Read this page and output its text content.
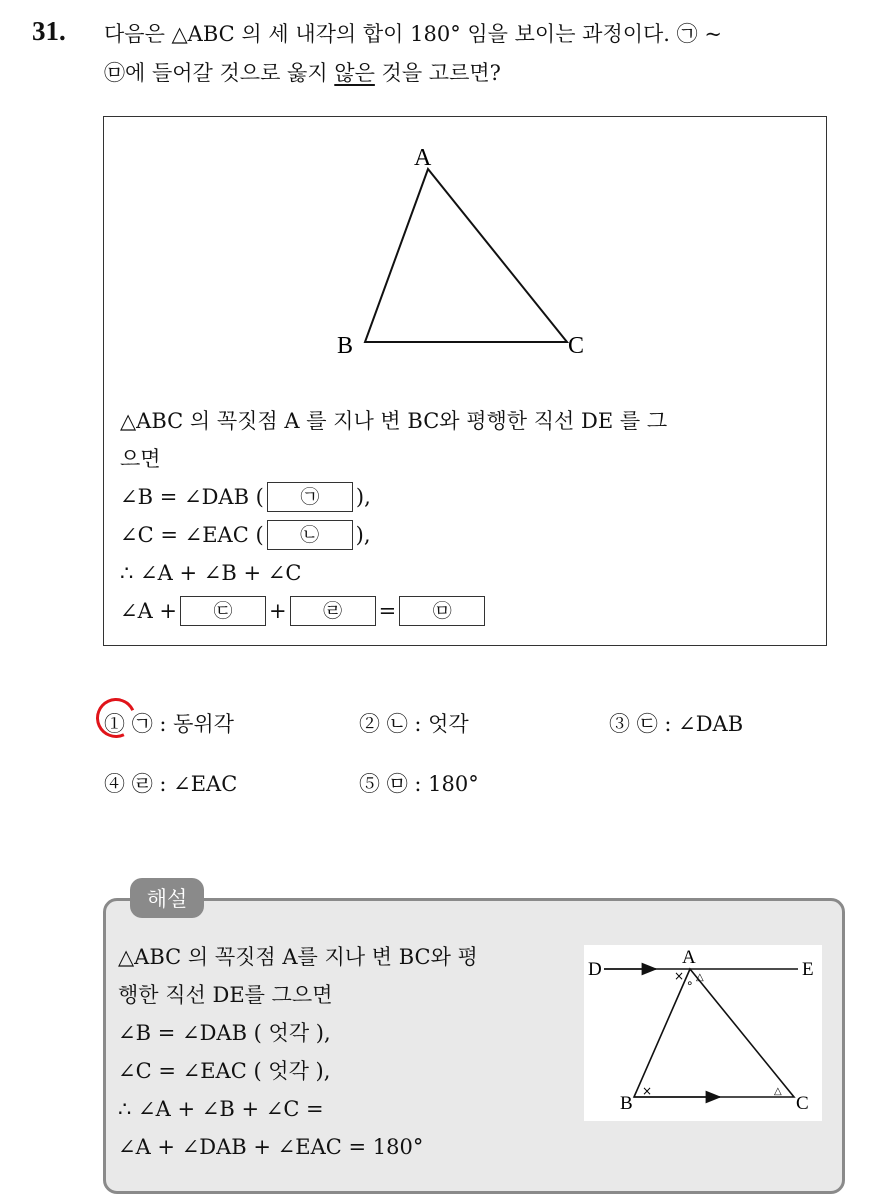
31. 다음은 △ABC 의 세 내각의 합이 180° 임을 보이는 과정이다. ㉠ ~
㉤에 들어갈 것으로 옳지 않은 것을 고르면?
A
B	C
△ABC 의 꼭짓점 A 를 지나 변 BC와 평행한 직선 DE 를 그
으면
∠B = ∠DAB (	㉠	),
∠C = ∠EAC (	㉡	),
∴ ∠A + ∠B + ∠C
∠A +	㉢	+	㉣	=	㉤
① ㉠ : 동위각	② ㉡ : 엇각	③ ㉢ : ∠DAB
④ ㉣ : ∠EAC	⑤ ㉤ : 180°
해설
△ABC 의 꼭짓점 A를 지나 변 BC와 평
행한 직선 DE를 그으면
∠B = ∠DAB ( 엇각 ),
∠C = ∠EAC ( 엇각 ),
∴ ∠A + ∠B + ∠C =
∠A + ∠DAB + ∠EAC = 180°
D	E
A
B	C
× ∘ △
×	△
